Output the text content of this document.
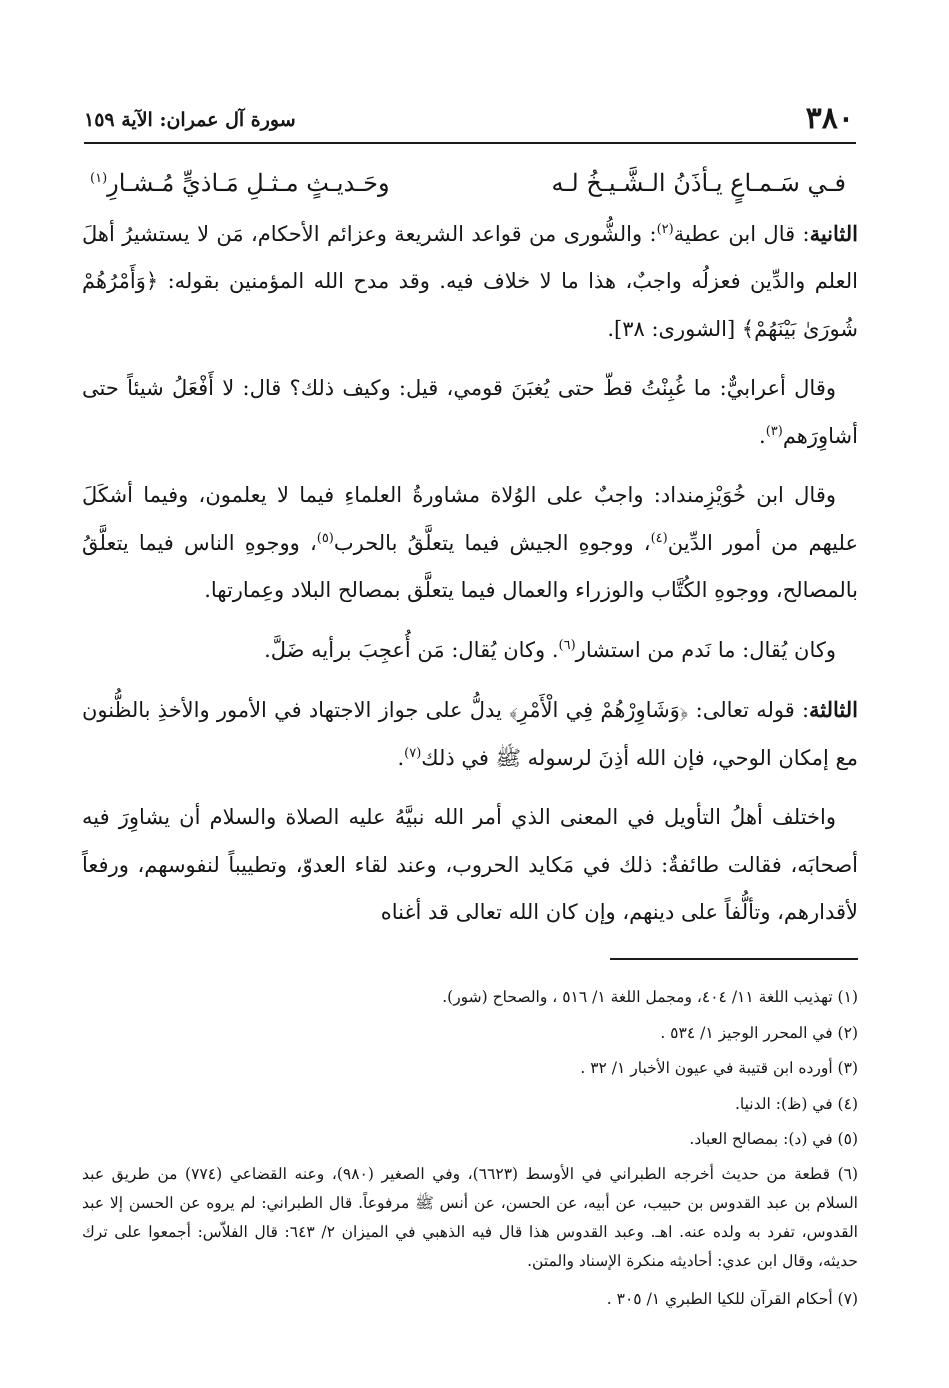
٣٨٠
سورة آل عمران: الآية ١٥٩
فـي سَـمـاعٍ يـأذَنُ الـشَّـيـخُ لـه
وحَـديـثٍ مـثـلِ مَـاذيٍّ مُـشـارِ$^{(١)}$

الثانية: قال ابن عطية$^{(٢)}$: والشُّورى من قواعد الشريعة وعزائم الأحكام، مَن لا يستشيرُ أهلَ العلم والدِّين فعزلُه واجبٌ، هذا ما لا خلاف فيه. وقد مدح الله المؤمنين بقوله: ﴿وَأَمْرُهُمْ شُورَىٰ بَيْنَهُمْ﴾ [الشورى: ٣٨].

وقال أعرابيٌّ: ما غُبِنْتُ قطّ حتى يُغبَنَ قومي، قيل: وكيف ذلك؟ قال: لا أَفْعَلُ شيئاً حتى أشاوِرَهم$^{(٣)}$.

وقال ابن خُوَيْزِمنداد: واجبٌ على الوُلاة مشاورةُ العلماءِ فيما لا يعلمون، وفيما أشكَلَ عليهم من أمور الدِّين$^{(٤)}$، ووجوهِ الجيش فيما يتعلَّقُ بالحرب$^{(٥)}$، ووجوهِ الناس فيما يتعلَّقُ بالمصالح، ووجوهِ الكُتَّاب والوزراء والعمال فيما يتعلَّق بمصالح البلاد وعِمارتها.

وكان يُقال: ما نَدم من استشار$^{(٦)}$. وكان يُقال: مَن أُعجِبَ برأيه ضَلَّ.

الثالثة: قوله تعالى: ﴿وَشَاوِرْهُمْ فِي الْأَمْرِ﴾ يدلُّ على جواز الاجتهاد في الأمور والأخذِ بالظُّنون مع إمكان الوحي، فإن الله أذِنَ لرسوله ﷺ في ذلك$^{(٧)}$.

واختلف أهلُ التأويل في المعنى الذي أمر الله نبيَّهُ عليه الصلاة والسلام أن يشاوِرَ فيه أصحابَه، فقالت طائفةٌ: ذلك في مَكايد الحروب، وعند لقاء العدوّ، وتطييباً لنفوسهم، ورفعاً لأقدارهم، وتألُّفاً على دينهم، وإن كان الله تعالى قد أغناه

(١) تهذيب اللغة ١١/ ٤٠٤، ومجمل اللغة ١/ ٥١٦ ، والصحاح (شور).

(٢) في المحرر الوجيز ١/ ٥٣٤ .

(٣) أورده ابن قتيبة في عيون الأخبار ١/ ٣٢ .

(٤) في (ظ): الدنيا.

(٥) في (د): بمصالح العباد.

(٦) قطعة من حديث أخرجه الطبراني في الأوسط (٦٦٢٣)، وفي الصغير (٩٨٠)، وعنه القضاعي (٧٧٤) من طريق عبد السلام بن عبد القدوس بن حبيب، عن أبيه، عن الحسن، عن أنس ﷺ مرفوعاً. قال الطبراني: لم يروه عن الحسن إلا عبد القدوس، تفرد به ولده عنه. اهـ. وعبد القدوس هذا قال فيه الذهبي في الميزان ٢/ ٦٤٣: قال الفلاّس: أجمعوا على ترك حديثه، وقال ابن عدي: أحاديثه منكرة الإسناد والمتن.

(٧) أحكام القرآن للكيا الطبري ١/ ٣٠٥ .
